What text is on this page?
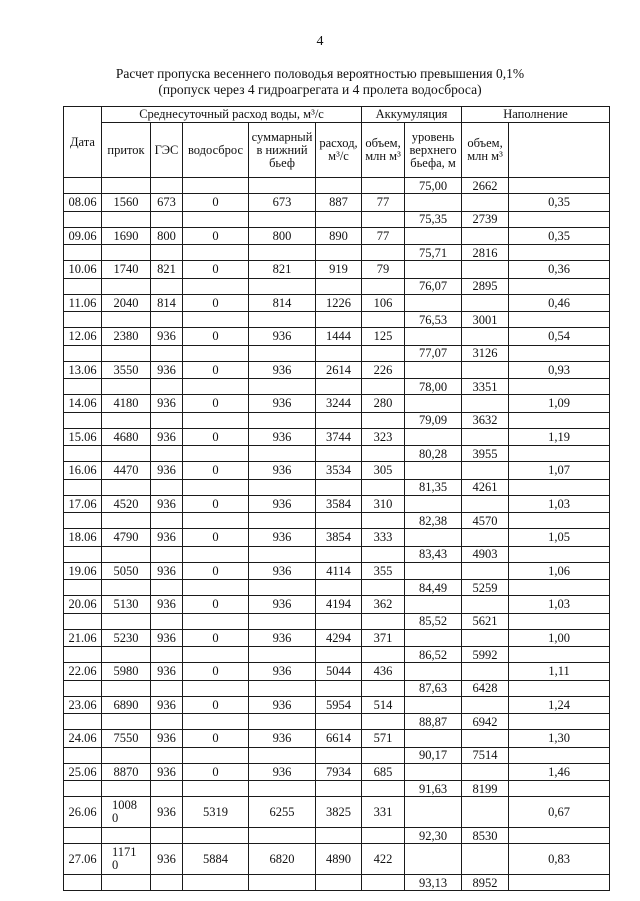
4
Расчет пропуска весеннего половодья вероятностью превышения 0,1%
(пропуск через 4 гидроагрегата и 4 пролета водосброса)
Дата	Среднесуточный расход воды, м³/с					Аккумуляция		Наполнение	
	приток	ГЭС	водосброс	суммарный в нижний бьеф	расход, м³/с	объем, млн м³	уровень верхнего бьефа, м	объем, млн м³		
							75,00	2662		
08.06	1560	673	0	673	887	77			0,35	
							75,35	2739		
09.06	1690	800	0	800	890	77			0,35	
							75,71	2816		
10.06	1740	821	0	821	919	79			0,36	
							76,07	2895		
11.06	2040	814	0	814	1226	106			0,46	
							76,53	3001		
12.06	2380	936	0	936	1444	125			0,54	
							77,07	3126		
13.06	3550	936	0	936	2614	226			0,93	
							78,00	3351		
14.06	4180	936	0	936	3244	280			1,09	
							79,09	3632		
15.06	4680	936	0	936	3744	323			1,19	
							80,28	3955		
16.06	4470	936	0	936	3534	305			1,07	
							81,35	4261		
17.06	4520	936	0	936	3584	310			1,03	
							82,38	4570		
18.06	4790	936	0	936	3854	333			1,05	
							83,43	4903		
19.06	5050	936	0	936	4114	355			1,06	
							84,49	5259		
20.06	5130	936	0	936	4194	362			1,03	
							85,52	5621		
21.06	5230	936	0	936	4294	371			1,00	
							86,52	5992		
22.06	5980	936	0	936	5044	436			1,11	
							87,63	6428		
23.06	6890	936	0	936	5954	514			1,24	
							88,87	6942		
24.06	7550	936	0	936	6614	571			1,30	
							90,17	7514		
25.06	8870	936	0	936	7934	685			1,46	
							91,63	8199		
26.06	10080	936	5319	6255	3825	331			0,67	
							92,30	8530		
27.06	11710	936	5884	6820	4890	422			0,83	
							93,13	8952		
